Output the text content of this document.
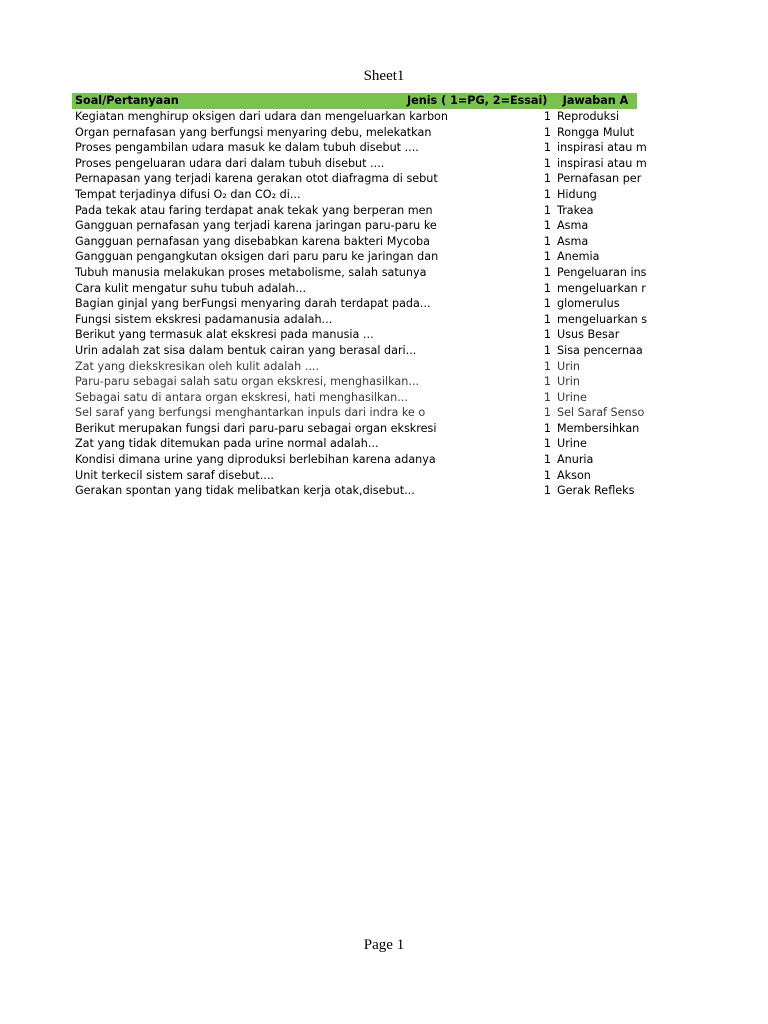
Sheet1
Soal/Pertanyaan	Jenis ( 1=PG, 2=Essai)	Jawaban A
Kegiatan menghirup oksigen dari udara dan mengeluarkan karbon	1 Reproduksi
Organ pernafasan yang berfungsi menyaring debu, melekatkan	1 Rongga Mulut
Proses pengambilan udara masuk ke dalam tubuh disebut ....	1 inspirasi atau m
Proses pengeluaran udara dari dalam tubuh disebut ....	1 inspirasi atau m
Pernapasan yang terjadi karena gerakan otot diafragma di sebut	1 Pernafasan per
Tempat terjadinya difusi O₂ dan CO₂ di...	1 Hidung
Pada tekak atau faring terdapat anak tekak yang berperan men	1 Trakea
Gangguan pernafasan yang terjadi karena jaringan paru-paru ke	1 Asma
Gangguan pernafasan yang disebabkan karena bakteri Mycoba	1 Asma
Gangguan pengangkutan oksigen dari paru paru ke jaringan dan	1 Anemia
Tubuh manusia melakukan proses metabolisme, salah satunya	1 Pengeluaran ins
Cara kulit mengatur suhu tubuh adalah...	1 mengeluarkan r
Bagian ginjal yang berFungsi menyaring darah terdapat pada...	1 glomerulus
Fungsi sistem ekskresi padamanusia adalah...	1 mengeluarkan s
Berikut yang termasuk alat ekskresi pada manusia ...	1 Usus Besar
Urin adalah zat sisa dalam bentuk cairan yang berasal dari...	1 Sisa pencernaa
Zat yang diekskresikan oleh kulit adalah ....	1 Urin
Paru-paru sebagai salah satu organ ekskresi, menghasilkan...	1 Urin
Sebagai satu di antara organ ekskresi, hati menghasilkan...	1 Urine
Sel saraf yang berfungsi menghantarkan inpuls dari indra ke o	1 Sel Saraf Senso
Berikut merupakan fungsi dari paru-paru sebagai organ ekskresi	1 Membersihkan
Zat yang tidak ditemukan pada urine normal adalah...	1 Urine
Kondisi dimana urine yang diproduksi berlebihan karena adanya	1 Anuria
Unit terkecil sistem saraf disebut....	1 Akson
Gerakan spontan yang tidak melibatkan kerja otak,disebut...	1 Gerak Refleks
Page 1
